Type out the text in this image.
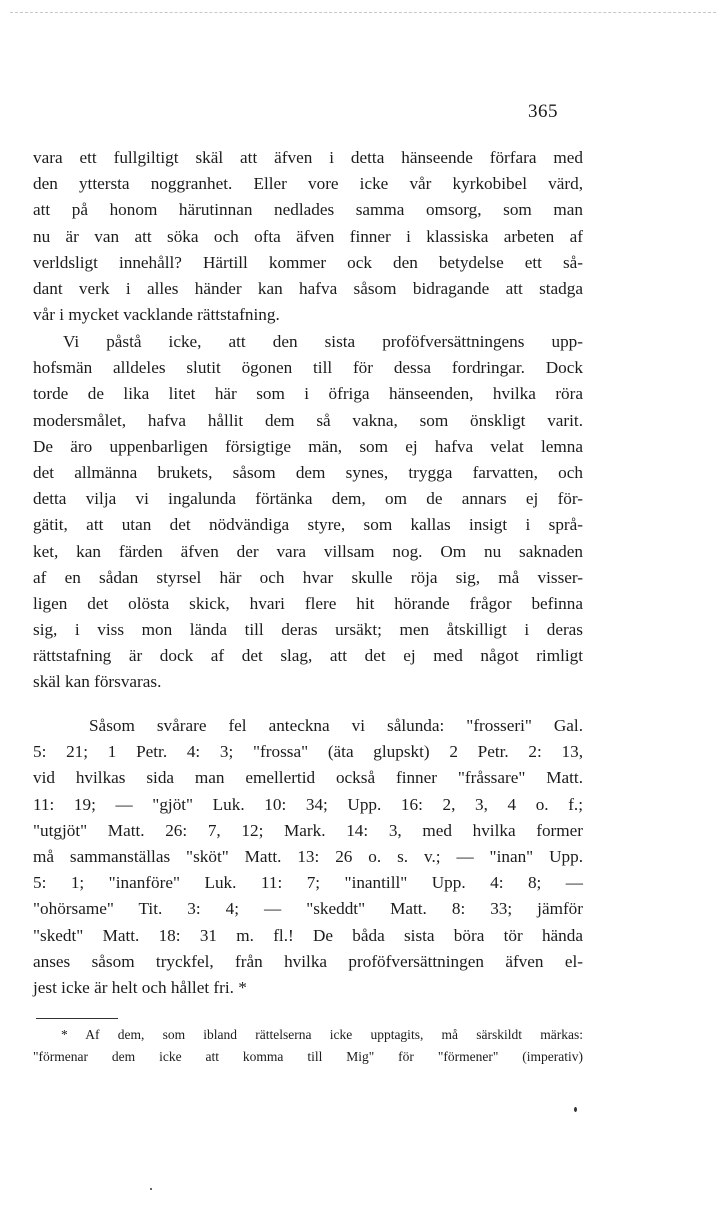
365
vara ett fullgiltigt skäl att äfven i detta hänseende förfara med
den yttersta noggranhet. Eller vore icke vår kyrkobibel värd,
att på honom härutinnan nedlades samma omsorg, som man
nu är van att söka och ofta äfven finner i klassiska arbeten af
verldsligt innehåll? Härtill kommer ock den betydelse ett så-
dant verk i alles händer kan hafva såsom bidragande att stadga
vår i mycket vacklande rättstafning.
Vi påstå icke, att den sista proföfversättningens upp-
hofsmän alldeles slutit ögonen till för dessa fordringar. Dock
torde de lika litet här som i öfriga hänseenden, hvilka röra
modersmålet, hafva hållit dem så vakna, som önskligt varit.
De äro uppenbarligen försigtige män, som ej hafva velat lemna
det allmänna brukets, såsom dem synes, trygga farvatten, och
detta vilja vi ingalunda förtänka dem, om de annars ej för-
gätit, att utan det nödvändiga styre, som kallas insigt i språ-
ket, kan färden äfven der vara villsam nog. Om nu saknaden
af en sådan styrsel här och hvar skulle röja sig, må visser-
ligen det olösta skick, hvari flere hit hörande frågor befinna
sig, i viss mon lända till deras ursäkt; men åtskilligt i deras
rättstafning är dock af det slag, att det ej med något rimligt
skäl kan försvaras.
Såsom svårare fel anteckna vi sålunda: "frosseri" Gal.
5: 21; 1 Petr. 4: 3; "frossa" (äta glupskt) 2 Petr. 2: 13,
vid hvilkas sida man emellertid också finner "fråssare" Matt.
11: 19; — "gjöt" Luk. 10: 34; Upp. 16: 2, 3, 4 o. f.;
"utgjöt" Matt. 26: 7, 12; Mark. 14: 3, med hvilka former
må sammanställas "sköt" Matt. 13: 26 o. s. v.; — "inan" Upp.
5: 1; "inanföre" Luk. 11: 7; "inantill" Upp. 4: 8; —
"ohörsame" Tit. 3: 4; — "skeddt" Matt. 8: 33; jämför
"skedt" Matt. 18: 31 m. fl.! De båda sista böra tör hända
anses såsom tryckfel, från hvilka proföfversättningen äfven el-
jest icke är helt och hållet fri. *
* Af dem, som ibland rättelserna icke upptagits, må särskildt märkas:
"förmenar dem icke att komma till Mig" för "förmener" (imperativ)
